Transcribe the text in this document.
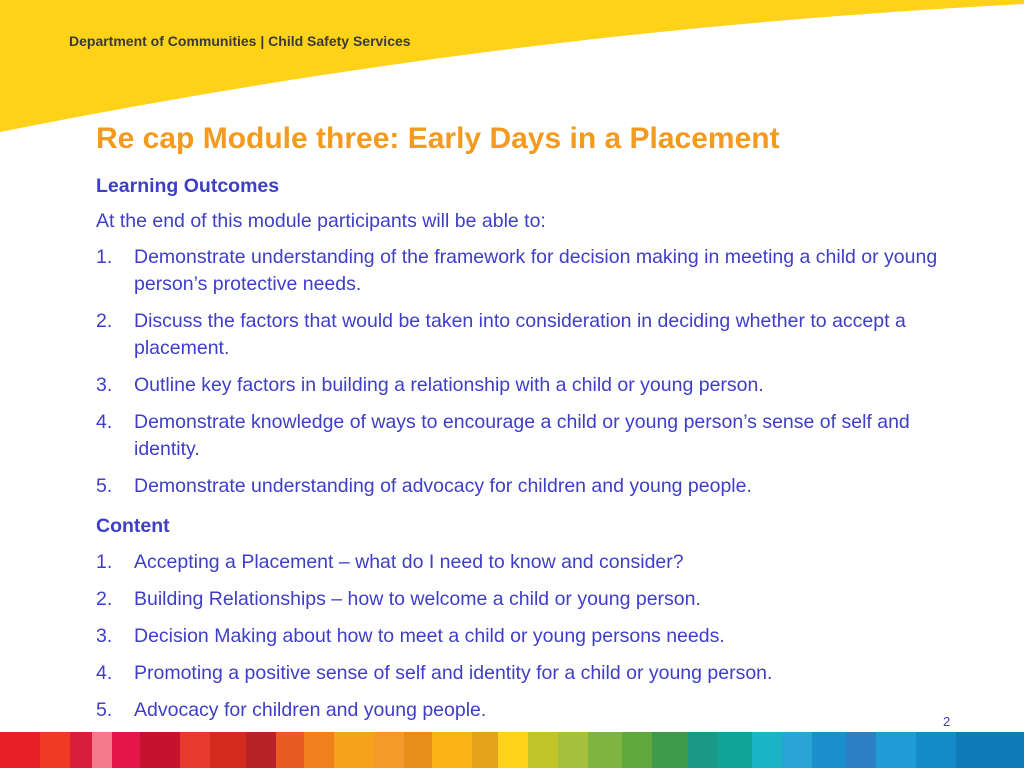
Department of Communities | Child Safety Services
Re cap Module three: Early Days in a Placement
Learning Outcomes
At the end of this module participants will be able to:
1. Demonstrate understanding of the framework for decision making in meeting a child or young person’s protective needs.
2. Discuss the factors that would be taken into consideration in deciding whether to accept a placement.
3. Outline key factors in building a relationship with a child or young person.
4. Demonstrate knowledge of ways to encourage a child or young person’s sense of self and identity.
5. Demonstrate understanding of advocacy for children and young people.
Content
1. Accepting a Placement – what do I need to know and consider?
2. Building Relationships – how to welcome a child or young person.
3. Decision Making about how to meet a child or young persons needs.
4. Promoting a positive sense of self and identity for a child or young person.
5. Advocacy for children and young people.
2
